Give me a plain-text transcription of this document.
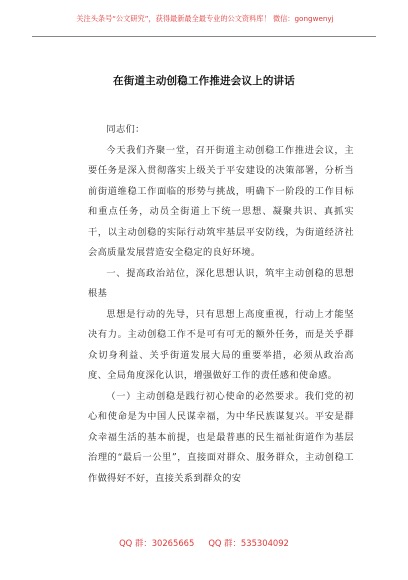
关注头条号“公文研究”，获得最新最全最专业的公文资料库！ 微信：gongwenyj
在街道主动创稳工作推进会议上的讲话

同志们：

今天我们齐聚一堂，召开街道主动创稳工作推进会议，主要任务是深入贯彻落实上级关于平安建设的决策部署，分析当前街道维稳工作面临的形势与挑战，明确下一阶段的工作目标和重点任务，动员全街道上下统一思想、凝聚共识、真抓实干，以主动创稳的实际行动筑牢基层平安防线，为街道经济社会高质量发展营造安全稳定的良好环境。

一、提高政治站位，深化思想认识，筑牢主动创稳的思想根基

思想是行动的先导，只有思想上高度重视，行动上才能坚决有力。主动创稳工作不是可有可无的额外任务，而是关乎群众切身利益、关乎街道发展大局的重要举措，必须从政治高度、全局角度深化认识，增强做好工作的责任感和使命感。

（一）主动创稳是践行初心使命的必然要求。我们党的初心和使命是为中国人民谋幸福，为中华民族谋复兴。平安是群众幸福生活的基本前提，也是最普惠的民生福祉街道作为基层治理的“最后一公里”，直接面对群众、服务群众，主动创稳工作做得好不好，直接关系到群众的安

QQ 群：30265665 QQ 群：535304092
